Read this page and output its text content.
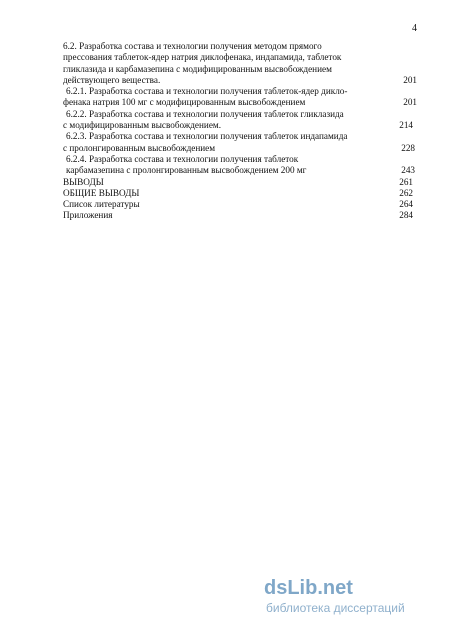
4
6.2. Разработка состава и технологии получения методом прямого
прессования таблеток-ядер натрия диклофенака, индапамида, таблеток
гликлазида и карбамазепина с модифицированным высвобождением
действующего вещества.	201
6.2.1. Разработка состава и технологии получения таблеток-ядер дикло-
фенака натрия 100 мг с модифицированным высвобождением	201
6.2.2. Разработка состава и технологии получения таблеток гликлазида
с модифицированным высвобождением.	214
6.2.3. Разработка состава и технологии получения таблеток индапамида
с пролонгированным высвобождением	228
6.2.4. Разработка состава и технологии получения таблеток
карбамазепина с пролонгированным высвобождением 200 мг	243
ВЫВОДЫ	261
ОБЩИЕ ВЫВОДЫ	262
Список литературы	264
Приложения	284
dsLib.net
библиотека диссертаций
